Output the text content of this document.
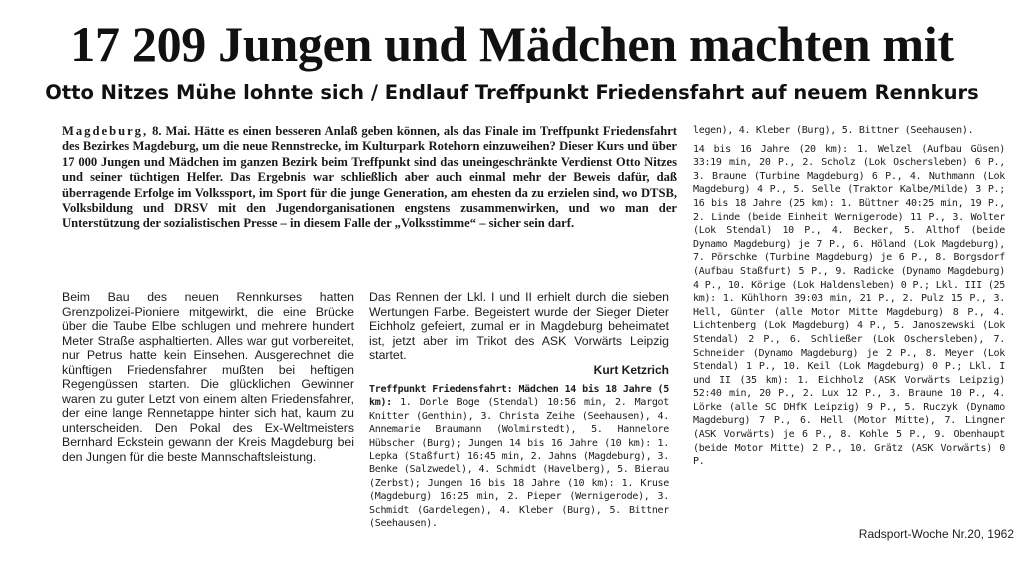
17 209 Jungen und Mädchen machten mit
Otto Nitzes Mühe lohnte sich / Endlauf Treffpunkt Friedensfahrt auf neuem Rennkurs
Magdeburg, 8. Mai. Hätte es einen besseren Anlaß geben können, als das Finale im Treffpunkt Friedensfahrt des Bezirkes Magdeburg, um die neue Rennstrecke, im Kulturpark Rotehorn einzuweihen? Dieser Kurs und über 17 000 Jungen und Mädchen im ganzen Bezirk beim Treffpunkt sind das uneingeschränkte Verdienst Otto Nitzes und seiner tüchtigen Helfer. Das Ergebnis war schließlich aber auch einmal mehr der Beweis dafür, daß überragende Erfolge im Volkssport, im Sport für die junge Generation, am ehesten da zu erzielen sind, wo DTSB, Volksbildung und DRSV mit den Jugendorganisationen engstens zusammenwirken, und wo man der Unterstützung der sozialistischen Presse – in diesem Falle der „Volksstimme“ – sicher sein darf.
Beim Bau des neuen Rennkurses hatten Grenzpolizei-Pioniere mitgewirkt, die eine Brücke über die Taube Elbe schlugen und mehrere hundert Meter Straße asphaltierten. Alles war gut vorbereitet, nur Petrus hatte kein Einsehen. Ausgerechnet die künftigen Friedensfahrer mußten bei heftigen Regengüssen starten. Die glücklichen Gewinner waren zu guter Letzt von einem alten Friedensfahrer, der eine lange Rennetappe hinter sich hat, kaum zu unterscheiden. Den Pokal des Ex-Weltmeisters Bernhard Eckstein gewann der Kreis Magdeburg bei den Jungen für die beste Mannschaftsleistung.

Das Rennen der Lkl. I und II erhielt durch die sieben Wertungen Farbe. Begeistert wurde der Sieger Dieter Eichholz gefeiert, zumal er in Magdeburg beheimatet ist, jetzt aber im Trikot des ASK Vorwärts Leipzig startet.

Kurt Ketzrich
Treffpunkt Friedensfahrt: Mädchen 14 bis 18 Jahre (5 km): 1. Dorle Boge (Stendal) 10:56 min, 2. Margot Knitter (Genthin), 3. Christa Zeihe (Seehausen), 4. Annemarie Braumann (Wolmirstedt), 5. Hannelore Hübscher (Burg); Jungen 14 bis 16 Jahre (10 km): 1. Lepka (Staßfurt) 16:45 min, 2. Jahns (Magdeburg), 3. Benke (Salzwedel), 4. Schmidt (Havelberg), 5. Bierau (Zerbst); Jungen 16 bis 18 Jahre (10 km): 1. Kruse (Magdeburg) 16:25 min, 2. Pieper (Wernigerode), 3. Schmidt (Gardelegen), 4. Kleber (Burg), 5. Bittner (Seehausen).
legen), 4. Kleber (Burg), 5. Bittner (Seehausen).
14 bis 16 Jahre (20 km): 1. Welzel (Aufbau Güsen) 33:19 min, 20 P., 2. Scholz (Lok Oschersleben) 6 P., 3. Braune (Turbine Magdeburg) 6 P., 4. Nuthmann (Lok Magdeburg) 4 P., 5. Selle (Traktor Kalbe/Milde) 3 P.; 16 bis 18 Jahre (25 km): 1. Büttner 40:25 min, 19 P., 2. Linde (beide Einheit Wernigerode) 11 P., 3. Wolter (Lok Stendal) 10 P., 4. Becker, 5. Althof (beide Dynamo Magdeburg) je 7 P., 6. Höland (Lok Magdeburg), 7. Pörschke (Turbine Magdeburg) je 6 P., 8. Borgsdorf (Aufbau Staßfurt) 5 P., 9. Radicke (Dynamo Magdeburg) 4 P., 10. Körige (Lok Haldensleben) 0 P.; Lkl. III (25 km): 1. Kühlhorn 39:03 min, 21 P., 2. Pulz 15 P., 3. Hell, Günter (alle Motor Mitte Magdeburg) 8 P., 4. Lichtenberg (Lok Magdeburg) 4 P., 5. Janoszewski (Lok Stendal) 2 P., 6. Schließer (Lok Oschersleben), 7. Schneider (Dynamo Magdeburg) je 2 P., 8. Meyer (Lok Stendal) 1 P., 10. Keil (Lok Magdeburg) 0 P.; Lkl. I und II (35 km): 1. Eichholz (ASK Vorwärts Leipzig) 52:40 min, 20 P., 2. Lux 12 P., 3. Braune 10 P., 4. Lörke (alle SC DHfK Leipzig) 9 P., 5. Ruczyk (Dynamo Magdeburg) 7 P., 6. Hell (Motor Mitte), 7. Lingner (ASK Vorwärts) je 6 P., 8. Kohle 5 P., 9. Obenhaupt (beide Motor Mitte) 2 P., 10. Grätz (ASK Vorwärts) 0 P.
Radsport-Woche Nr.20, 1962
